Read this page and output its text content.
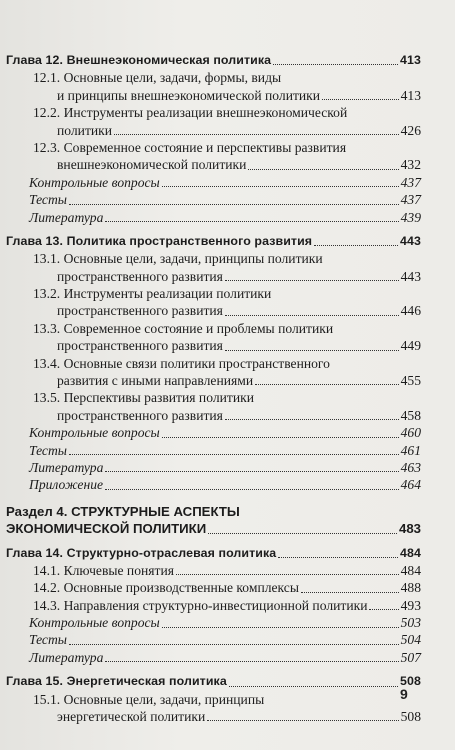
Глава 12. Внешнеэкономическая политика	413
12.1. Основные цели, задачи, формы, виды
и принципы внешнеэкономической политики	413
12.2. Инструменты реализации внешнеэкономической
политики	426
12.3. Современное состояние и перспективы развития
внешнеэкономической политики	432
Контрольные вопросы	437
Тесты	437
Литература	439
Глава 13. Политика пространственного развития	443
13.1. Основные цели, задачи, принципы политики
пространственного развития	443
13.2. Инструменты реализации политики
пространственного развития	446
13.3. Современное состояние и проблемы политики
пространственного развития	449
13.4. Основные связи политики пространственного
развития с иными направлениями	455
13.5. Перспективы развития политики
пространственного развития	458
Контрольные вопросы	460
Тесты	461
Литература	463
Приложение	464
Раздел 4. СТРУКТУРНЫЕ АСПЕКТЫ
ЭКОНОМИЧЕСКОЙ ПОЛИТИКИ	483
Глава 14. Структурно-отраслевая политика	484
14.1. Ключевые понятия	484
14.2. Основные производственные комплексы	488
14.3. Направления структурно-инвестиционной политики 493
Контрольные вопросы	503
Тесты	504
Литература	507
Глава 15. Энергетическая политика	508
15.1. Основные цели, задачи, принципы
энергетической политики	508
9
